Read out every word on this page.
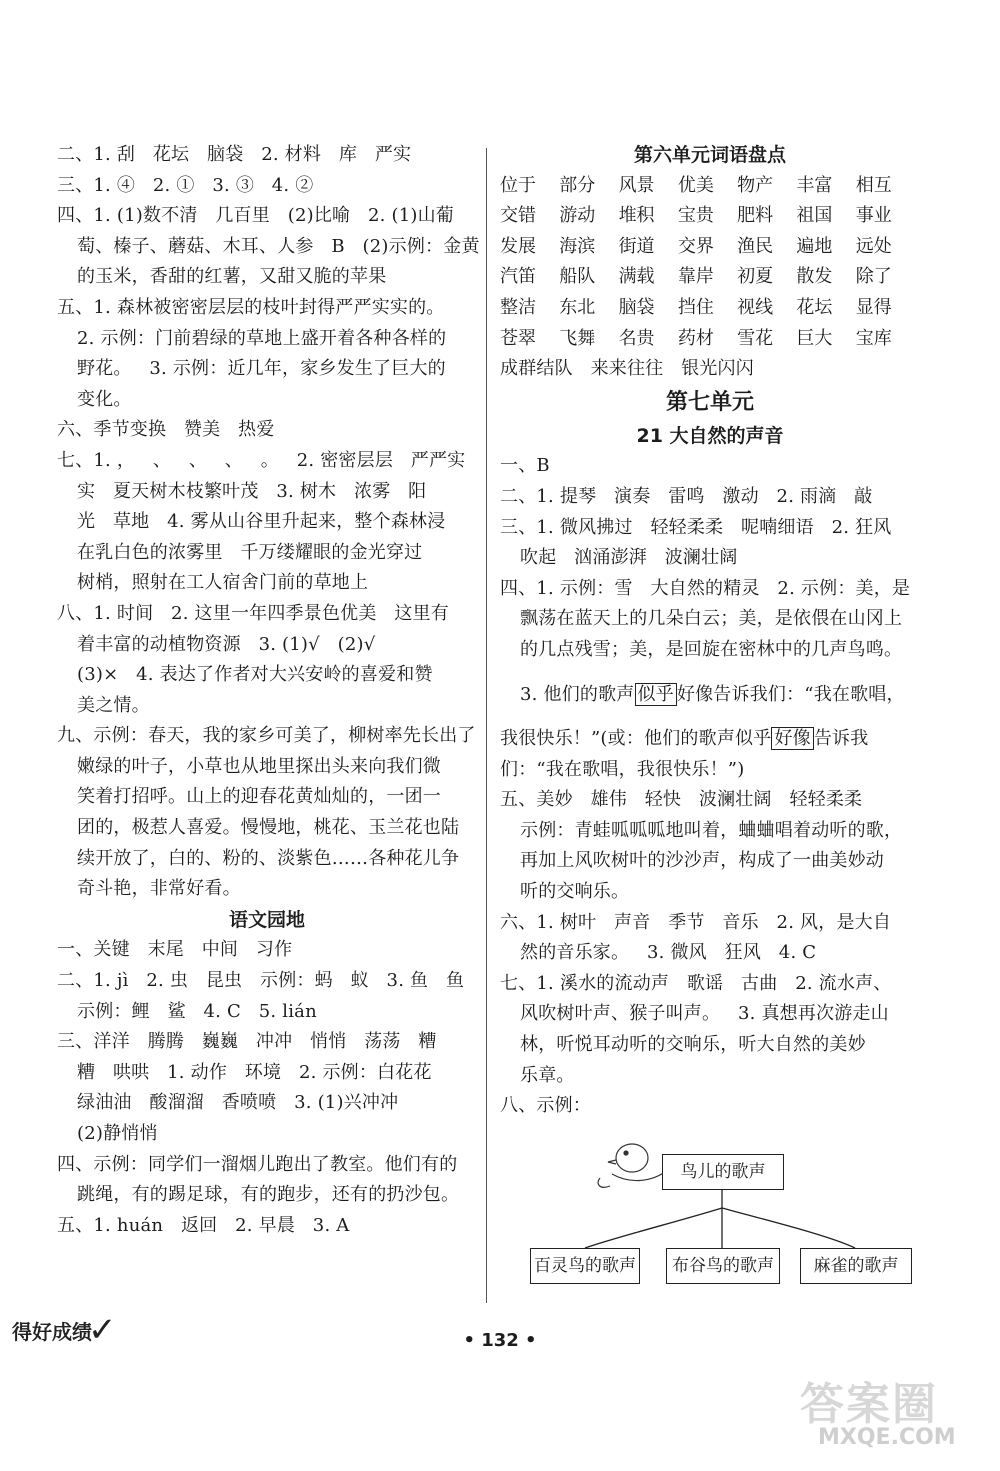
二、1. 刮   花坛   脑袋   2. 材料   库   严实
三、1. ④   2. ①   3. ③   4. ②
四、1. (1)数不清   几百里   (2)比喻   2. (1)山葡
萄、榛子、蘑菇、木耳、人参   B   (2)示例：金黄
的玉米，香甜的红薯，又甜又脆的苹果
五、1. 森林被密密层层的枝叶封得严严实实的。
2. 示例：门前碧绿的草地上盛开着各种各样的
野花。   3. 示例：近几年，家乡发生了巨大的
变化。
六、季节变换   赞美   热爱
七、1. ，   、   、   、   。   2. 密密层层   严严实
实   夏天树木枝繁叶茂   3. 树木   浓雾   阳
光   草地   4. 雾从山谷里升起来，整个森林浸
在乳白色的浓雾里   千万缕耀眼的金光穿过
树梢，照射在工人宿舍门前的草地上
八、1. 时间   2. 这里一年四季景色优美   这里有
着丰富的动植物资源   3. (1)√   (2)√
(3)×   4. 表达了作者对大兴安岭的喜爱和赞
美之情。
九、示例：春天，我的家乡可美了，柳树率先长出了
嫩绿的叶子，小草也从地里探出头来向我们微
笑着打招呼。山上的迎春花黄灿灿的，一团一
团的，极惹人喜爱。慢慢地，桃花、玉兰花也陆
续开放了，白的、粉的、淡紫色……各种花儿争
奇斗艳，非常好看。
语文园地
一、关键   末尾   中间   习作
二、1. jì   2. 虫   昆虫   示例：蚂   蚁   3. 鱼   鱼
示例：鲤   鲨   4. C   5. lián
三、洋洋   腾腾   巍巍   冲冲   悄悄   荡荡   糟
糟   哄哄   1. 动作   环境   2. 示例：白花花
绿油油   酸溜溜   香喷喷   3. (1)兴冲冲
(2)静悄悄
四、示例：同学们一溜烟儿跑出了教室。他们有的
跳绳，有的踢足球，有的跑步，还有的扔沙包。
五、1. huán   返回   2. 早晨   3. A
第六单元词语盘点
位于	部分	风景	优美	物产	丰富	相互
交错	游动	堆积	宝贵	肥料	祖国	事业
发展	海滨	街道	交界	渔民	遍地	远处
汽笛	船队	满载	靠岸	初夏	散发	除了
整洁	东北	脑袋	挡住	视线	花坛	显得
苍翠	飞舞	名贵	药材	雪花	巨大	宝库
成群结队   来来往往   银光闪闪
第七单元
21 大自然的声音
一、B
二、1. 提琴   演奏   雷鸣   激动   2. 雨滴   敲
三、1. 微风拂过   轻轻柔柔   呢喃细语   2. 狂风
吹起   汹涌澎湃   波澜壮阔
四、1. 示例：雪   大自然的精灵   2. 示例：美，是
飘荡在蓝天上的几朵白云；美，是依偎在山冈上
的几点残雪；美，是回旋在密林中的几声鸟鸣。
3. 他们的歌声 似乎 好像告诉我们：“我在歌唱，
我很快乐！”(或：他们的歌声似乎 好像 告诉我
们：“我在歌唱，我很快乐！”)
五、美妙   雄伟   轻快   波澜壮阔   轻轻柔柔
示例：青蛙呱呱呱地叫着，蛐蛐唱着动听的歌，
再加上风吹树叶的沙沙声，构成了一曲美妙动
听的交响乐。
六、1. 树叶   声音   季节   音乐   2. 风，是大自
然的音乐家。   3. 微风   狂风   4. C
七、1. 溪水的流动声   歌谣   古曲   2. 流水声、
风吹树叶声、猴子叫声。   3. 真想再次游走山
林，听悦耳动听的交响乐，听大自然的美妙
乐章。
八、示例：
鸟儿的歌声
百灵鸟的歌声	布谷鸟的歌声	麻雀的歌声
得好成绩
✓	• 132 •
答案圈
MXQE.COM
